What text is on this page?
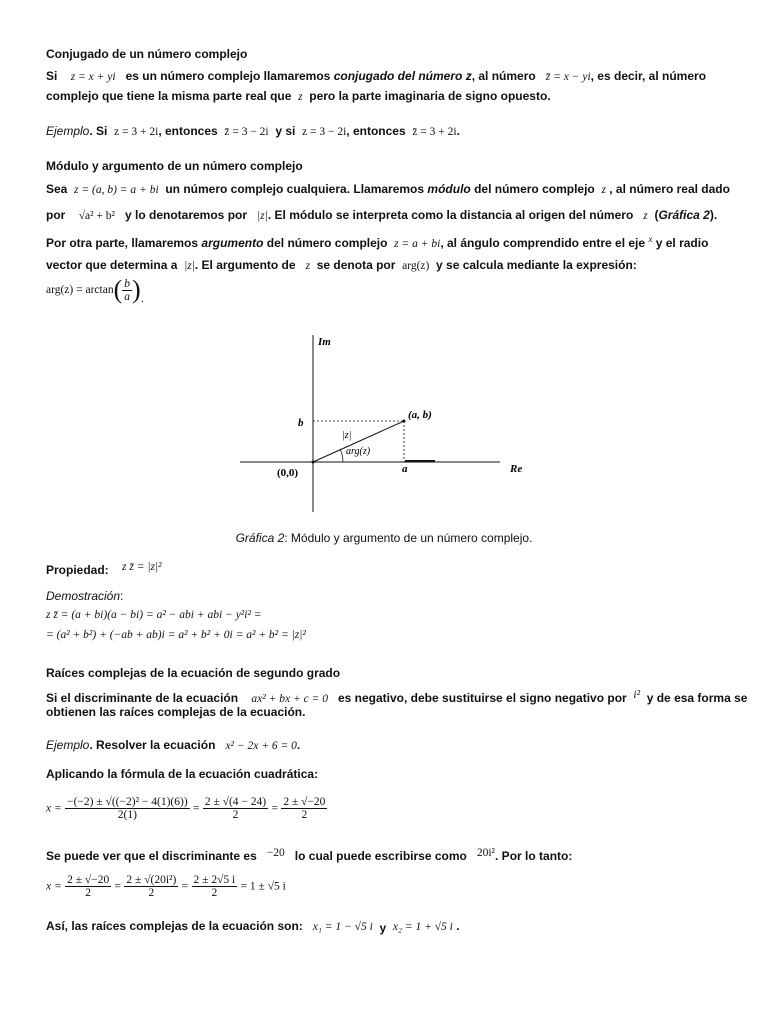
Conjugado de un número complejo
Si z = x + yi es un número complejo llamaremos conjugado del número z, al número z̄ = x − yi, es decir, al número
complejo que tiene la misma parte real que z pero la parte imaginaria de signo opuesto.
Ejemplo. Si z = 3 + 2i, entonces z̄ = 3 − 2i y si z = 3 − 2i, entonces z̄ = 3 + 2i.
Módulo y argumento de un número complejo
Sea z = (a, b) = a + bi un número complejo cualquiera. Llamaremos módulo del número complejo z , al número real dado
por √a² + b² y lo denotaremos por |z|. El módulo se interpreta como la distancia al origen del número z (Gráfica 2).
Por otra parte, llamaremos argumento del número complejo z = a + bi, al ángulo comprendido entre el eje $^x$ y el radio
vector que determina a |z|. El argumento de z se denota por arg(z) y se calcula mediante la expresión:
$arg(z) = \arctan( \frac{b}{a}$ ).
Im
Re
b
a
(a, b)
(0,0)
|z|
arg(z)
Gráfica 2: Módulo y argumento de un número complejo.
Propiedad: z z̄ = |z|²
Demostración:
z z̄ = (a + bi)(a − bi) = a² − abi + abi − y²i² =
= (a² + b²) + (−ab + ab)i = a² + b² + 0i = a² + b² = |z|²
Raíces complejas de la ecuación de segundo grado
Si el discriminante de la ecuación ax² + bx + c = 0 es negativo, debe sustituirse el signo negativo por i² y de esa forma se
obtienen las raíces complejas de la ecuación.
Ejemplo. Resolver la ecuación x² − 2x + 6 = 0.
Aplicando la fórmula de la ecuación cuadrática:
$x = \frac{\text{−(−2) ± √((−2)² − 4(1)(6))}}{2(1)} = \frac{2 \pm √(4 - 24)}{2} = \frac{2 \pm √-20}{2}$
Se puede ver que el discriminante es −20 lo cual puede escribirse como 20i². Por lo tanto:
$x = \frac{2 \pm √-20}{2} = \frac{\text{2 ± √(20i²)}}{2} = \frac{2 \pm 2√5 i}{2} = 1 \pm √5$ i
Así, las raíces complejas de la ecuación son: x₁ = 1 − √5 i y x₂ = 1 + √5 i .
